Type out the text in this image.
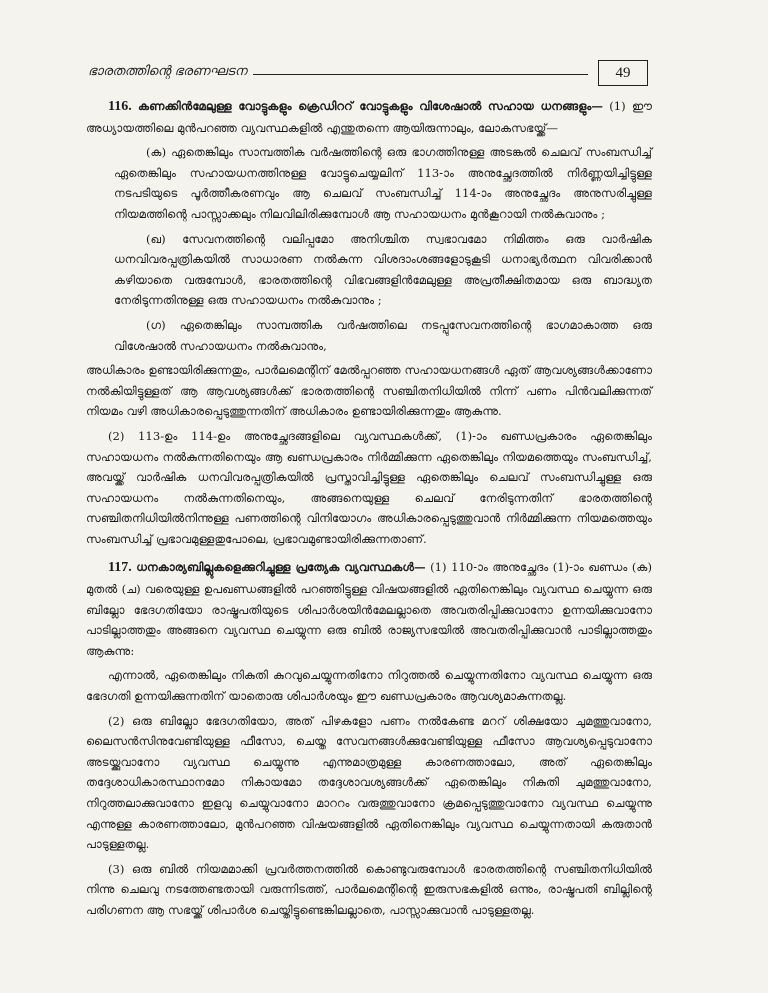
ഭാരതത്തിന്റെ ഭരണഘടന	49

116. കണക്കിൻമേലുള്ള വോട്ടുകളും ക്രെഡിററ് വോട്ടുകളും വിശേഷാൽ സഹായ ധനങ്ങളും— (1) ഈ അധ്യായത്തിലെ മുൻപറഞ്ഞ വ്യവസ്ഥകളിൽ എന്തുതന്നെ ആയിരുന്നാലും, ലോകസഭയ്ക്ക്—

(ക) ഏതെങ്കിലും സാമ്പത്തിക വർഷത്തിന്റെ ഒരു ഭാഗത്തിനുള്ള അടങ്കൽ ചെലവ് സംബന്ധിച്ച് ഏതെങ്കിലും സഹായധനത്തിനുള്ള വോട്ടുചെയ്യലിന് 113-ാം അനുച്ഛേദത്തിൽ നിർണ്ണയിച്ചിട്ടുള്ള നടപടിയുടെ പൂർത്തീകരണവും ആ ചെലവ് സംബന്ധിച്ച് 114-ാം അനുച്ഛേദം അനുസരിച്ചുള്ള നിയമത്തിന്റെ പാസ്സാക്കലും നിലവിലിരിക്കുമ്പോൾ ആ സഹായധനം മുൻകൂറായി നൽകുവാനും ;

(ഖ) സേവനത്തിന്റെ വലിപ്പമോ അനിശ്ചിത സ്വഭാവമോ നിമിത്തം ഒരു വാർഷിക ധനവിവരപ്പത്രികയിൽ സാധാരണ നൽകുന്ന വിശദാംശങ്ങളോടുകൂടി ധനാഭ്യർത്ഥന വിവരിക്കാൻ കഴിയാതെ വരുമ്പോൾ, ഭാരതത്തിന്റെ വിഭവങ്ങളിൻമേലുള്ള അപ്രതീക്ഷിതമായ ഒരു ബാദ്ധ്യത നേരിടുന്നതിനുള്ള ഒരു സഹായധനം നൽകുവാനും ;

(ഗ) ഏതെങ്കിലും സാമ്പത്തിക വർഷത്തിലെ നടപ്പുസേവനത്തിന്റെ ഭാഗമാകാത്ത ഒരു വിശേഷാൽ സഹായധനം നൽകുവാനും,

അധികാരം ഉണ്ടായിരിക്കുന്നതും, പാർലമെന്റിന് മേൽപ്പറഞ്ഞ സഹായധനങ്ങൾ ഏത് ആവശ്യങ്ങൾക്കാണോ നൽകിയിട്ടുള്ളത് ആ ആവശ്യങ്ങൾക്ക് ഭാരതത്തിന്റെ സഞ്ചിതനിധിയിൽ നിന്ന് പണം പിൻവലിക്കുന്നത് നിയമം വഴി അധികാരപ്പെടുത്തുന്നതിന് അധികാരം ഉണ്ടായിരിക്കുന്നതും ആകുന്നു.

(2) 113-ഉം 114-ഉം അനുച്ഛേദങ്ങളിലെ വ്യവസ്ഥകൾക്ക്, (1)-ാം ഖണ്ഡപ്രകാരം ഏതെങ്കിലും സഹായധനം നൽകുന്നതിനെയും ആ ഖണ്ഡപ്രകാരം നിർമ്മിക്കുന്ന ഏതെങ്കിലും നിയമത്തെയും സംബന്ധിച്ച്, അവയ്ക്ക് വാർഷിക ധനവിവരപ്പത്രികയിൽ പ്രസ്താവിച്ചിട്ടുള്ള ഏതെങ്കിലും ചെലവ് സംബന്ധിച്ചുള്ള ഒരു സഹായധനം നൽകുന്നതിനെയും, അങ്ങനെയുള്ള ചെലവ് നേരിടുന്നതിന് ഭാരതത്തിന്റെ സഞ്ചിതനിധിയിൽനിന്നുള്ള പണത്തിന്റെ വിനിയോഗം അധികാരപ്പെടുത്തുവാൻ നിർമ്മിക്കുന്ന നിയമത്തെയും സംബന്ധിച്ച് പ്രഭാവമുള്ളതുപോലെ, പ്രഭാവമുണ്ടായിരിക്കുന്നതാണ്.

117. ധനകാര്യബില്ലുകളെക്കുറിച്ചുള്ള പ്രത്യേക വ്യവസ്ഥകൾ— (1) 110-ാം അനുച്ഛേദം (1)-ാം ഖണ്ഡം (ക) മുതൽ (ച) വരെയുള്ള ഉപഖണ്ഡങ്ങളിൽ പറഞ്ഞിട്ടുള്ള വിഷയങ്ങളിൽ ഏതിനെങ്കിലും വ്യവസ്ഥ ചെയ്യുന്ന ഒരു ബില്ലോ ഭേദഗതിയോ രാഷ്ട്രപതിയുടെ ശിപാർശയിൻമേലല്ലാതെ അവതരിപ്പിക്കുവാനോ ഉന്നയിക്കുവാനോ പാടില്ലാത്തതും അങ്ങനെ വ്യവസ്ഥ ചെയ്യുന്ന ഒരു ബിൽ രാജ്യസഭയിൽ അവതരിപ്പിക്കുവാൻ പാടില്ലാത്തതും ആകുന്നു:

എന്നാൽ, ഏതെങ്കിലും നികുതി കുറവുചെയ്യുന്നതിനോ നിറുത്തൽ ചെയ്യുന്നതിനോ വ്യവസ്ഥ ചെയ്യുന്ന ഒരു ഭേദഗതി ഉന്നയിക്കുന്നതിന് യാതൊരു ശിപാർശയും ഈ ഖണ്ഡപ്രകാരം ആവശ്യമാകുന്നതല്ല.

(2) ഒരു ബില്ലോ ഭേദഗതിയോ, അത് പിഴകളോ പണം നൽകേണ്ട മററ് ശിക്ഷയോ ചുമത്തുവാനോ, ലൈസൻസിനുവേണ്ടിയുള്ള ഫീസോ, ചെയ്ത സേവനങ്ങൾക്കുവേണ്ടിയുള്ള ഫീസോ ആവശ്യപ്പെടുവാനോ അടയ്ക്കുവാനോ വ്യവസ്ഥ ചെയ്യുന്നു എന്നുമാത്രമുള്ള കാരണത്താലോ, അത് ഏതെങ്കിലും തദ്ദേശാധികാരസ്ഥാനമോ നികായമോ തദ്ദേശാവശ്യങ്ങൾക്ക് ഏതെങ്കിലും നികുതി ചുമത്തുവാനോ, നിറുത്തലാക്കുവാനോ ഇളവു ചെയ്യുവാനോ മാററം വരുത്തുവാനോ ക്രമപ്പെടുത്തുവാനോ വ്യവസ്ഥ ചെയ്യുന്നു എന്നുള്ള കാരണത്താലോ, മുൻപറഞ്ഞ വിഷയങ്ങളിൽ ഏതിനെങ്കിലും വ്യവസ്ഥ ചെയ്യുന്നതായി കരുതാൻ പാടുള്ളതല്ല.

(3) ഒരു ബിൽ നിയമമാക്കി പ്രവർത്തനത്തിൽ കൊണ്ടുവരുമ്പോൾ ഭാരതത്തിന്റെ സഞ്ചിതനിധിയിൽ നിന്നു ചെലവു നടത്തേണ്ടതായി വരുന്നിടത്ത്, പാർലമെന്റിന്റെ ഇരുസഭകളിൽ ഒന്നും, രാഷ്ട്രപതി ബില്ലിന്റെ പരിഗണന ആ സഭയ്ക്ക് ശിപാർശ ചെയ്തിട്ടുണ്ടെങ്കിലല്ലാതെ, പാസ്സാക്കുവാൻ പാടുള്ളതല്ല.
